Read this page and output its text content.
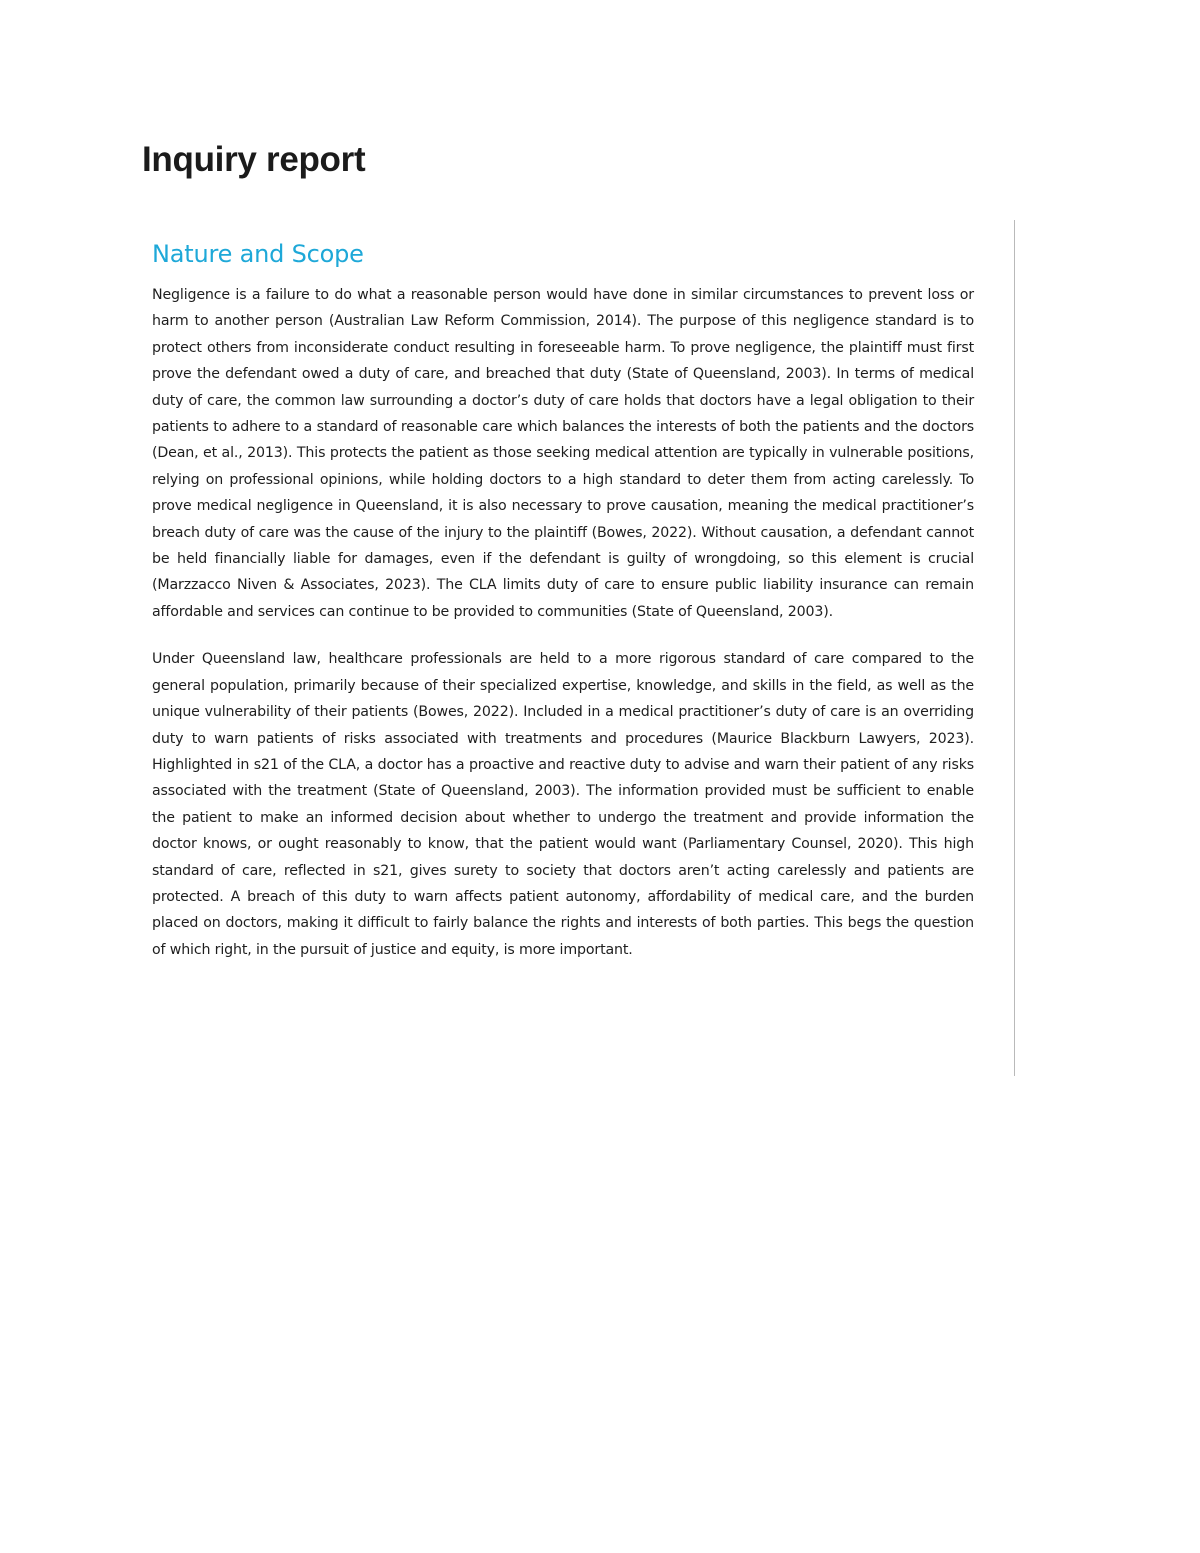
Inquiry report
Nature and Scope

Negligence is a failure to do what a reasonable person would have done in similar circumstances to prevent loss or harm to another person (Australian Law Reform Commission, 2014). The purpose of this negligence standard is to protect others from inconsiderate conduct resulting in foreseeable harm. To prove negligence, the plaintiff must first prove the defendant owed a duty of care, and breached that duty (State of Queensland, 2003). In terms of medical duty of care, the common law surrounding a doctor’s duty of care holds that doctors have a legal obligation to their patients to adhere to a standard of reasonable care which balances the interests of both the patients and the doctors (Dean, et al., 2013). This protects the patient as those seeking medical attention are typically in vulnerable positions, relying on professional opinions, while holding doctors to a high standard to deter them from acting carelessly. To prove medical negligence in Queensland, it is also necessary to prove causation, meaning the medical practitioner’s breach duty of care was the cause of the injury to the plaintiff (Bowes, 2022). Without causation, a defendant cannot be held financially liable for damages, even if the defendant is guilty of wrongdoing, so this element is crucial (Marzzacco Niven & Associates, 2023). The CLA limits duty of care to ensure public liability insurance can remain affordable and services can continue to be provided to communities (State of Queensland, 2003).

Under Queensland law, healthcare professionals are held to a more rigorous standard of care compared to the general population, primarily because of their specialized expertise, knowledge, and skills in the field, as well as the unique vulnerability of their patients (Bowes, 2022). Included in a medical practitioner’s duty of care is an overriding duty to warn patients of risks associated with treatments and procedures (Maurice Blackburn Lawyers, 2023). Highlighted in s21 of the CLA, a doctor has a proactive and reactive duty to advise and warn their patient of any risks associated with the treatment (State of Queensland, 2003). The information provided must be sufficient to enable the patient to make an informed decision about whether to undergo the treatment and provide information the doctor knows, or ought reasonably to know, that the patient would want (Parliamentary Counsel, 2020). This high standard of care, reflected in s21, gives surety to society that doctors aren’t acting carelessly and patients are protected. A breach of this duty to warn affects patient autonomy, affordability of medical care, and the burden placed on doctors, making it difficult to fairly balance the rights and interests of both parties. This begs the question of which right, in the pursuit of justice and equity, is more important.
